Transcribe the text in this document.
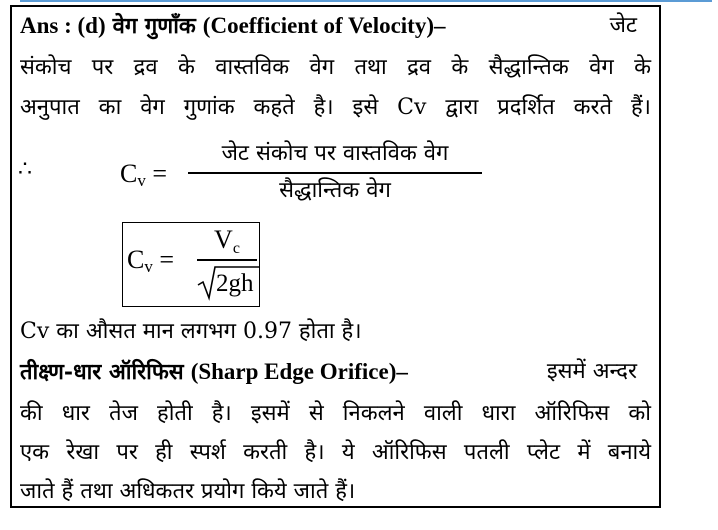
Ans : (d) वेग गुणाँक (Coefficient of Velocity)–	जेट
संकोच पर द्रव के वास्तविक वेग तथा द्रव के सैद्धान्तिक वेग के
अनुपात का वेग गुणांक कहते है। इसे Cv द्वारा प्रदर्शित करते हैं।
∴	$C_v$ =
जेट संकोच पर वास्तविक वेग
सैद्धान्तिक वेग
$C_v$ =
$V_c$
2gh
Cv का औसत मान लगभग 0.97 होता है।
तीक्ष्ण-धार ऑरिफिस (Sharp Edge Orifice)–	इसमें अन्दर
की धार तेज होती है। इसमें से निकलने वाली धारा ऑरिफिस को
एक रेखा पर ही स्पर्श करती है। ये ऑरिफिस पतली प्लेट में बनाये
जाते हैं तथा अधिकतर प्रयोग किये जाते हैं।
